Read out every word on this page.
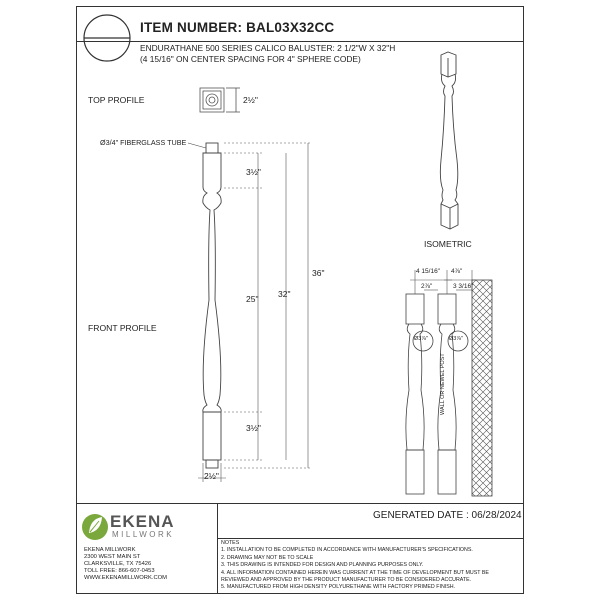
ITEM NUMBER: BAL03X32CC
ENDURATHANE 500 SERIES CALICO BALUSTER: 2 1/2"W X 32"H
(4 15/16" ON CENTER SPACING FOR 4" SPHERE CODE)
TOP PROFILE
FRONT PROFILE
ISOMETRIC
2½"
Ø3/4" FIBERGLASS TUBE
3½"
25" 32"
36"
3½"
2½"
4 15/16" 4⅞"
2⅞"	3 3/16"
Ø3⅞"	Ø3⅞"
WALL OR NEWEL POST
EKENA
MILLWORK
EKENA MILLWORK
2300 WEST MAIN ST
CLARKSVILLE, TX 75426
TOLL FREE: 866-607-0453
WWW.EKENAMILLWORK.COM
GENERATED DATE : 06/28/2024
NOTES
1. INSTALLATION TO BE COMPLETED IN ACCORDANCE WITH MANUFACTURER'S SPECIFICATIONS.
2. DRAWING MAY NOT BE TO SCALE
3. THIS DRAWING IS INTENDED FOR DESIGN AND PLANNING PURPOSES ONLY.
4. ALL INFORMATION CONTAINED HEREIN WAS CURRENT AT THE TIME OF DEVELOPMENT BUT MUST BE
REVIEWED AND APPROVED BY THE PRODUCT MANUFACTURER TO BE CONSIDERED ACCURATE.
5. MANUFACTURED FROM HIGH DENSITY POLYURETHANE WITH FACTORY PRIMED FINISH.
